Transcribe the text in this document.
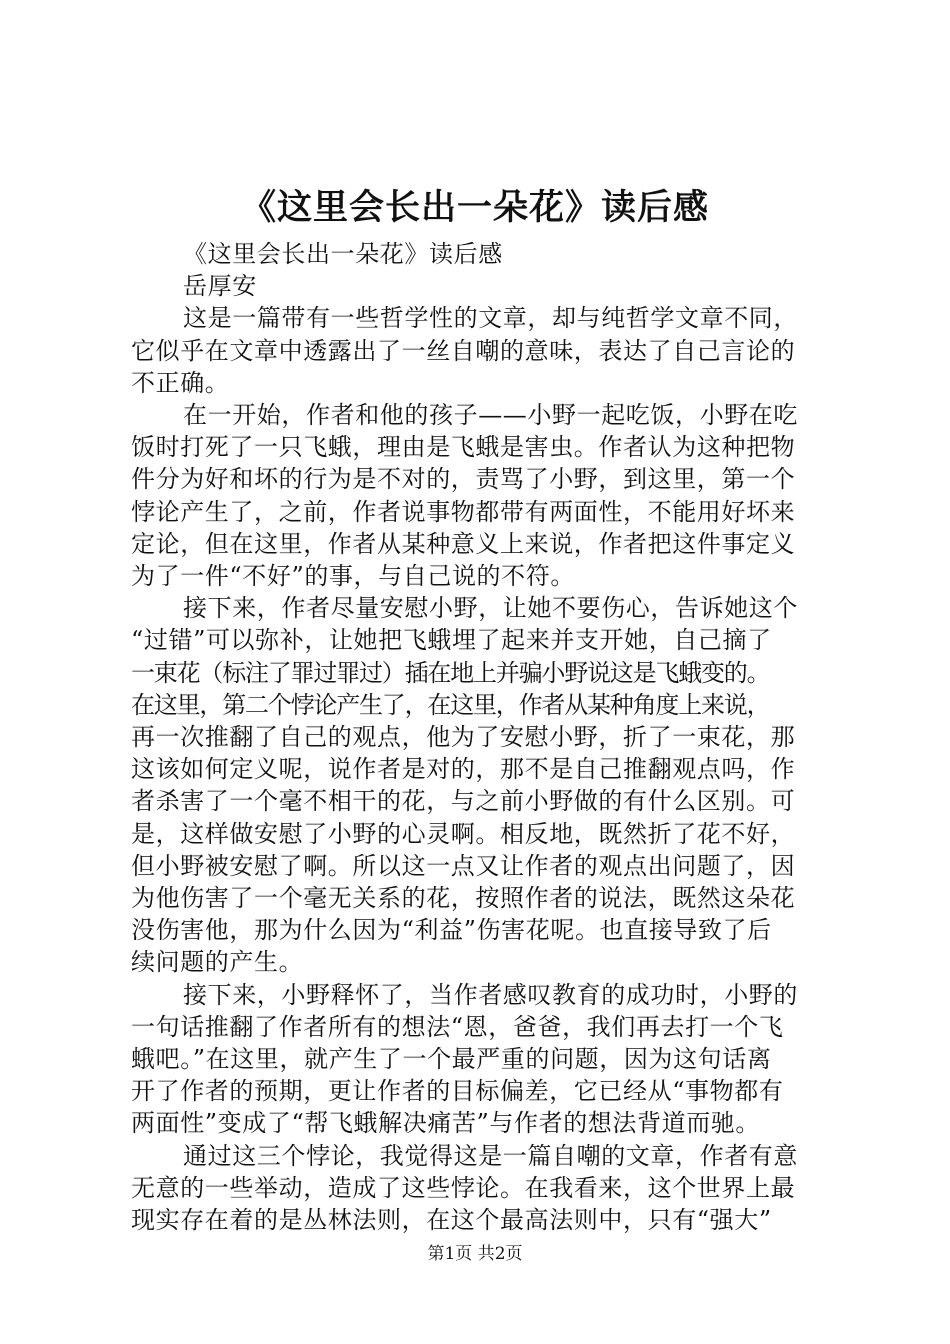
《这里会长出一朵花》读后感
《这里会长出一朵花》读后感
岳厚安
这是一篇带有一些哲学性的文章，却与纯哲学文章不同，
它似乎在文章中透露出了一丝自嘲的意味，表达了自己言论的
不正确。
在一开始，作者和他的孩子——小野一起吃饭，小野在吃
饭时打死了一只飞蛾，理由是飞蛾是害虫。作者认为这种把物
件分为好和坏的行为是不对的，责骂了小野，到这里，第一个
悖论产生了，之前，作者说事物都带有两面性，不能用好坏来
定论，但在这里，作者从某种意义上来说，作者把这件事定义
为了一件“不好”的事，与自己说的不符。
接下来，作者尽量安慰小野，让她不要伤心，告诉她这个
“过错”可以弥补，让她把飞蛾埋了起来并支开她，自己摘了
一束花（标注了罪过罪过）插在地上并骗小野说这是飞蛾变的。
在这里，第二个悖论产生了，在这里，作者从某种角度上来说，
再一次推翻了自己的观点，他为了安慰小野，折了一束花，那
这该如何定义呢，说作者是对的，那不是自己推翻观点吗，作
者杀害了一个毫不相干的花，与之前小野做的有什么区别。可
是，这样做安慰了小野的心灵啊。相反地，既然折了花不好，
但小野被安慰了啊。所以这一点又让作者的观点出问题了，因
为他伤害了一个毫无关系的花，按照作者的说法，既然这朵花
没伤害他，那为什么因为“利益”伤害花呢。也直接导致了后
续问题的产生。
接下来，小野释怀了，当作者感叹教育的成功时，小野的
一句话推翻了作者所有的想法“恩，爸爸，我们再去打一个飞
蛾吧。”在这里，就产生了一个最严重的问题，因为这句话离
开了作者的预期，更让作者的目标偏差，它已经从“事物都有
两面性”变成了“帮飞蛾解决痛苦”与作者的想法背道而驰。
通过这三个悖论，我觉得这是一篇自嘲的文章，作者有意
无意的一些举动，造成了这些悖论。在我看来，这个世界上最
现实存在着的是丛林法则，在这个最高法则中，只有“强大”
第1页 共2页
